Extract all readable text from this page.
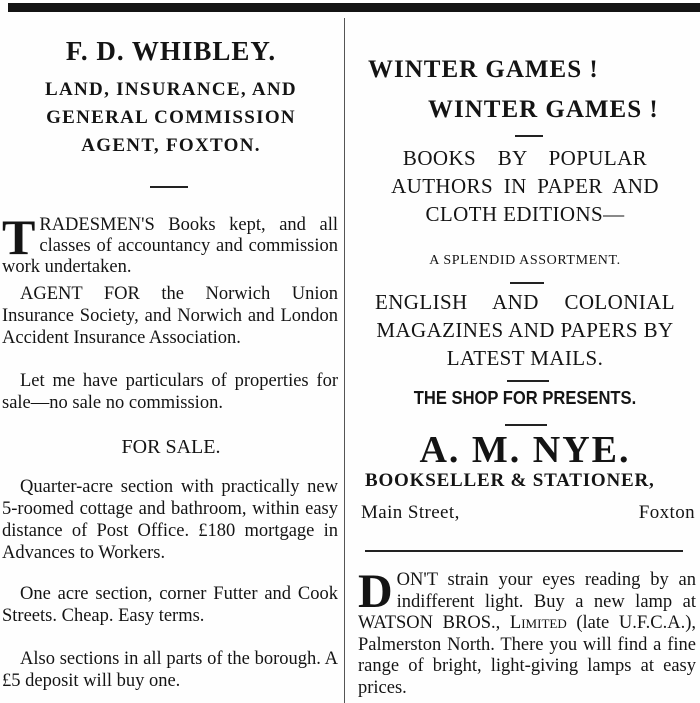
F. D. WHIBLEY.
LAND, INSURANCE, AND
GENERAL COMMISSION
AGENT, FOXTON.
TRADESMEN'S Books kept, and all classes of accountancy and commission work undertaken.
AGENT FOR the Norwich Union Insurance Society, and Norwich and London Accident Insurance Association.
Let me have particulars of properties for sale—no sale no commission.
FOR SALE.
Quarter-acre section with practically new 5-roomed cottage and bathroom, within easy distance of Post Office. £180 mortgage in Advances to Workers.
One acre section, corner Futter and Cook Streets. Cheap. Easy terms.
Also sections in all parts of the borough. A £5 deposit will buy one.
WINTER GAMES !
WINTER GAMES !
BOOKS BY POPULAR
AUTHORS IN PAPER AND
CLOTH EDITIONS—
A SPLENDID ASSORTMENT.
ENGLISH AND COLONIAL
MAGAZINES AND PAPERS BY
LATEST MAILS.
THE SHOP FOR PRESENTS.
A. M. NYE.
BOOKSELLER & STATIONER,
Main Street,	Foxton
DON'T strain your eyes reading by an indifferent light. Buy a new lamp at WATSON BROS., Limited (late U.F.C.A.), Palmerston North. There you will find a fine range of bright, light-giving lamps at easy prices.
